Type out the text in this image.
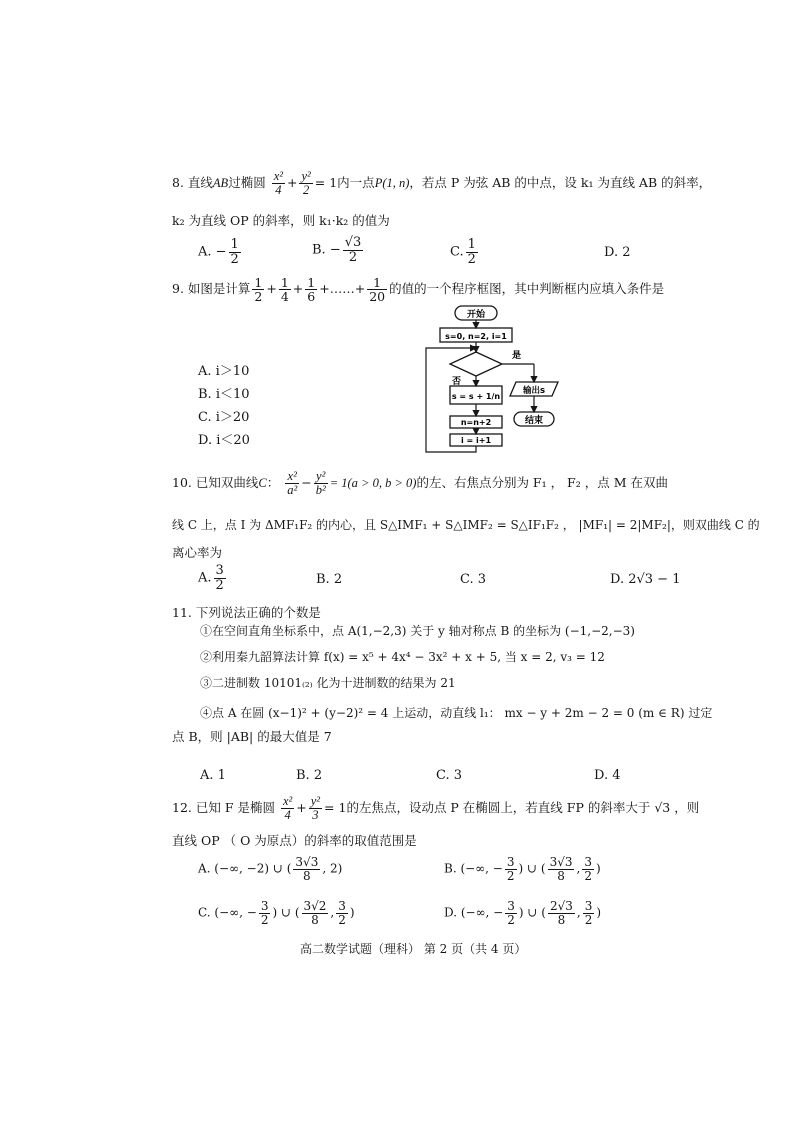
8. 直线AB过椭圆 $\frac{\text{x²}}{4} + \frac{\text{y²}}{2} = 1$内一点P(1, n)，若点 P 为弦 AB 的中点，设 k₁ 为直线 AB 的斜率，
k₂ 为直线 OP 的斜率，则 k₁·k₂ 的值为
A. − $\frac{1}{2}$	B. − $\frac{√3}{2}$	C. $\frac{1}{2}$	D. 2
9. 如图是计算 $\frac{1}{2} + \frac{1}{4} + \frac{1}{6}$ +……+ $\frac{1}{20}$ 的值的一个程序框图，其中判断框内应填入条件是
A. i＞10
B. i＜10
C. i＞20
D. i＜20
开始
s=0, n=2, i=1
是
输出s
结束
否
s = s + 1/n
n=n+2
i = i+1
10. 已知双曲线C： $\frac{\text{x²}}{\text{a²}} - \frac{\text{y²}}{\text{b²}} = 1(a > 0$, b > 0)的左、右焦点分别为 F₁ ， F₂ ，点 M 在双曲
线 C 上，点 I 为 ΔMF₁F₂ 的内心，且 S△IMF₁ + S△IMF₂ = S△IF₁F₂ ， |MF₁| = 2|MF₂|，则双曲线 C 的
离心率为
A. $\frac{3}{2}$	B. 2	C. 3	D. 2√3 − 1
11. 下列说法正确的个数是
①在空间直角坐标系中，点 A(1,−2,3) 关于 y 轴对称点 B 的坐标为 (−1,−2,−3)
②利用秦九韶算法计算 f(x) = x⁵ + 4x⁴ − 3x² + x + 5, 当 x = 2, v₃ = 12
③二进制数 10101₍₂₎ 化为十进制数的结果为 21
④点 A 在圆 (x−1)² + (y−2)² = 4 上运动，动直线 l₁： mx − y + 2m − 2 = 0 (m ∈ R) 过定
点 B，则 |AB| 的最大值是 7
A. 1	B. 2	C. 3	D. 4
12. 已知 F 是椭圆 $\frac{\text{x²}}{4} + \frac{\text{y²}}{3} = 1$的左焦点，设动点 P 在椭圆上，若直线 FP 的斜率大于 √3 ，则
直线 OP （ O 为原点）的斜率的取值范围是
A. (−∞, −2) ∪ ( $\frac{3√3}{8}$ , 2)	B. (−∞, − $\frac{3}{2}$ ) ∪ ( $\frac{3√3}{8}$ , $\frac{3}{2}$ )
C. (−∞, − $\frac{3}{2}$ ) ∪ ( $\frac{3√2}{8}$ , $\frac{3}{2}$ )	D. (−∞, − $\frac{3}{2}$ ) ∪ ( $\frac{2√3}{8}$ , $\frac{3}{2}$ )
高二数学试题（理科） 第 2 页（共 4 页）
